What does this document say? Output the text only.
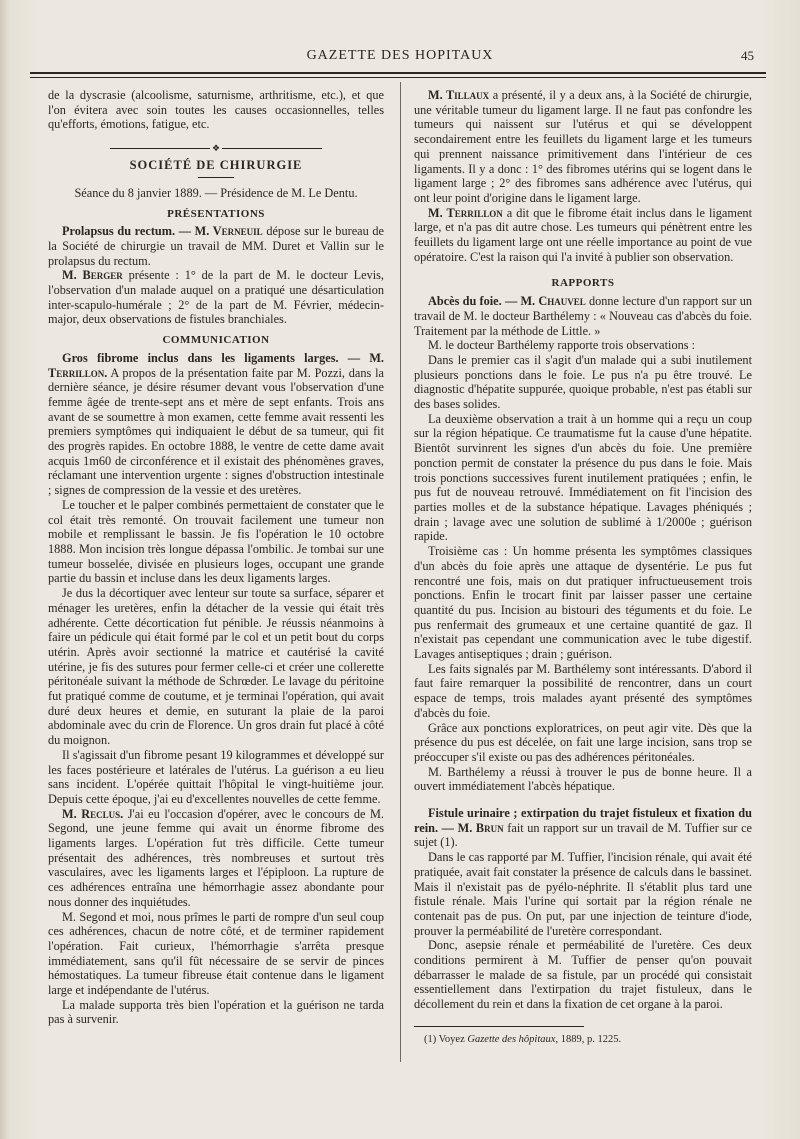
GAZETTE DES HOPITAUX	45

de la dyscrasie (alcoolisme, saturnisme, arthritisme, etc.), et que l'on évitera avec soin toutes les causes occasionnelles, telles qu'efforts, émotions, fatigue, etc.

❖
SOCIÉTÉ DE CHIRURGIE

Séance du 8 janvier 1889. — Présidence de M. Le Dentu.

PRÉSENTATIONS

Prolapsus du rectum. — M. Verneuil dépose sur le bureau de la Société de chirurgie un travail de MM. Duret et Vallin sur le prolapsus du rectum.

M. Berger présente : 1° de la part de M. le docteur Levis, l'observation d'un malade auquel on a pratiqué une désarticulation inter-scapulo-humérale ; 2° de la part de M. Février, médecin-major, deux observations de fistules branchiales.

COMMUNICATION

Gros fibrome inclus dans les ligaments larges. — M. Terrillon. A propos de la présentation faite par M. Pozzi, dans la dernière séance, je désire résumer devant vous l'observation d'une femme âgée de trente-sept ans et mère de sept enfants. Trois ans avant de se soumettre à mon examen, cette femme avait ressenti les premiers symptômes qui indiquaient le début de sa tumeur, qui fit des progrès rapides. En octobre 1888, le ventre de cette dame avait acquis 1m60 de circonférence et il existait des phénomènes graves, réclamant une intervention urgente : signes d'obstruction intestinale ; signes de compression de la vessie et des uretères.

Le toucher et le palper combinés permettaient de constater que le col était très remonté. On trouvait facilement une tumeur non mobile et remplissant le bassin. Je fis l'opération le 10 octobre 1888. Mon incision très longue dépassa l'ombilic. Je tombai sur une tumeur bosselée, divisée en plusieurs loges, occupant une grande partie du bassin et incluse dans les deux ligaments larges.

Je dus la décortiquer avec lenteur sur toute sa surface, séparer et ménager les uretères, enfin la détacher de la vessie qui était très adhérente. Cette décortication fut pénible. Je réussis néanmoins à faire un pédicule qui était formé par le col et un petit bout du corps utérin. Après avoir sectionné la matrice et cautérisé la cavité utérine, je fis des sutures pour fermer celle-ci et créer une collerette péritonéale suivant la méthode de Schrœder. Le lavage du péritoine fut pratiqué comme de coutume, et je terminai l'opération, qui avait duré deux heures et demie, en suturant la plaie de la paroi abdominale avec du crin de Florence. Un gros drain fut placé à côté du moignon.

Il s'agissait d'un fibrome pesant 19 kilogrammes et développé sur les faces postérieure et latérales de l'utérus. La guérison a eu lieu sans incident. L'opérée quittait l'hôpital le vingt-huitième jour. Depuis cette époque, j'ai eu d'excellentes nouvelles de cette femme.

M. Reclus. J'ai eu l'occasion d'opérer, avec le concours de M. Segond, une jeune femme qui avait un énorme fibrome des ligaments larges. L'opération fut très difficile. Cette tumeur présentait des adhérences, très nombreuses et surtout très vasculaires, avec les ligaments larges et l'épiploon. La rupture de ces adhérences entraîna une hémorrhagie assez abondante pour nous donner des inquiétudes.

M. Segond et moi, nous prîmes le parti de rompre d'un seul coup ces adhérences, chacun de notre côté, et de terminer rapidement l'opération. Fait curieux, l'hémorrhagie s'arrêta presque immédiatement, sans qu'il fût nécessaire de se servir de pinces hémostatiques. La tumeur fibreuse était contenue dans le ligament large et indépendante de l'utérus.

La malade supporta très bien l'opération et la guérison ne tarda pas à survenir.

M. Tillaux a présenté, il y a deux ans, à la Société de chirurgie, une véritable tumeur du ligament large. Il ne faut pas confondre les tumeurs qui naissent sur l'utérus et qui se développent secondairement entre les feuillets du ligament large et les tumeurs qui prennent naissance primitivement dans l'intérieur de ces ligaments. Il y a donc : 1° des fibromes utérins qui se logent dans le ligament large ; 2° des fibromes sans adhérence avec l'utérus, qui ont leur point d'origine dans le ligament large.

M. Terrillon a dit que le fibrome était inclus dans le ligament large, et n'a pas dit autre chose. Les tumeurs qui pénètrent entre les feuillets du ligament large ont une réelle importance au point de vue opératoire. C'est la raison qui l'a invité à publier son observation.

RAPPORTS

Abcès du foie. — M. Chauvel donne lecture d'un rapport sur un travail de M. le docteur Barthélemy : « Nouveau cas d'abcès du foie. Traitement par la méthode de Little. »

M. le docteur Barthélemy rapporte trois observations :

Dans le premier cas il s'agit d'un malade qui a subi inutilement plusieurs ponctions dans le foie. Le pus n'a pu être trouvé. Le diagnostic d'hépatite suppurée, quoique probable, n'est pas établi sur des bases solides.

La deuxième observation a trait à un homme qui a reçu un coup sur la région hépatique. Ce traumatisme fut la cause d'une hépatite. Bientôt survinrent les signes d'un abcès du foie. Une première ponction permit de constater la présence du pus dans le foie. Mais trois ponctions successives furent inutilement pratiquées ; enfin, le pus fut de nouveau retrouvé. Immédiatement on fit l'incision des parties molles et de la substance hépatique. Lavages phéniqués ; drain ; lavage avec une solution de sublimé à 1/2000e ; guérison rapide.

Troisième cas : Un homme présenta les symptômes classiques d'un abcès du foie après une attaque de dysentérie. Le pus fut rencontré une fois, mais on dut pratiquer infructueusement trois ponctions. Enfin le trocart finit par laisser passer une certaine quantité du pus. Incision au bistouri des téguments et du foie. Le pus renfermait des grumeaux et une certaine quantité de gaz. Il n'existait pas cependant une communication avec le tube digestif. Lavages antiseptiques ; drain ; guérison.

Les faits signalés par M. Barthélemy sont intéressants. D'abord il faut faire remarquer la possibilité de rencontrer, dans un court espace de temps, trois malades ayant présenté des symptômes d'abcès du foie.

Grâce aux ponctions exploratrices, on peut agir vite. Dès que la présence du pus est décelée, on fait une large incision, sans trop se préoccuper s'il existe ou pas des adhérences péritonéales.

M. Barthélemy a réussi à trouver le pus de bonne heure. Il a ouvert immédiatement l'abcès hépatique.

Fistule urinaire ; extirpation du trajet fistuleux et fixation du rein. — M. Brun fait un rapport sur un travail de M. Tuffier sur ce sujet (1).

Dans le cas rapporté par M. Tuffier, l'incision rénale, qui avait été pratiquée, avait fait constater la présence de calculs dans le bassinet. Mais il n'existait pas de pyélo-néphrite. Il s'établit plus tard une fistule rénale. Mais l'urine qui sortait par la région rénale ne contenait pas de pus. On put, par une injection de teinture d'iode, prouver la perméabilité de l'uretère correspondant.

Donc, asepsie rénale et perméabilité de l'uretère. Ces deux conditions permirent à M. Tuffier de penser qu'on pouvait débarrasser le malade de sa fistule, par un procédé qui consistait essentiellement dans l'extirpation du trajet fistuleux, dans le décollement du rein et dans la fixation de cet organe à la paroi.

(1) Voyez Gazette des hôpitaux, 1889, p. 1225.
